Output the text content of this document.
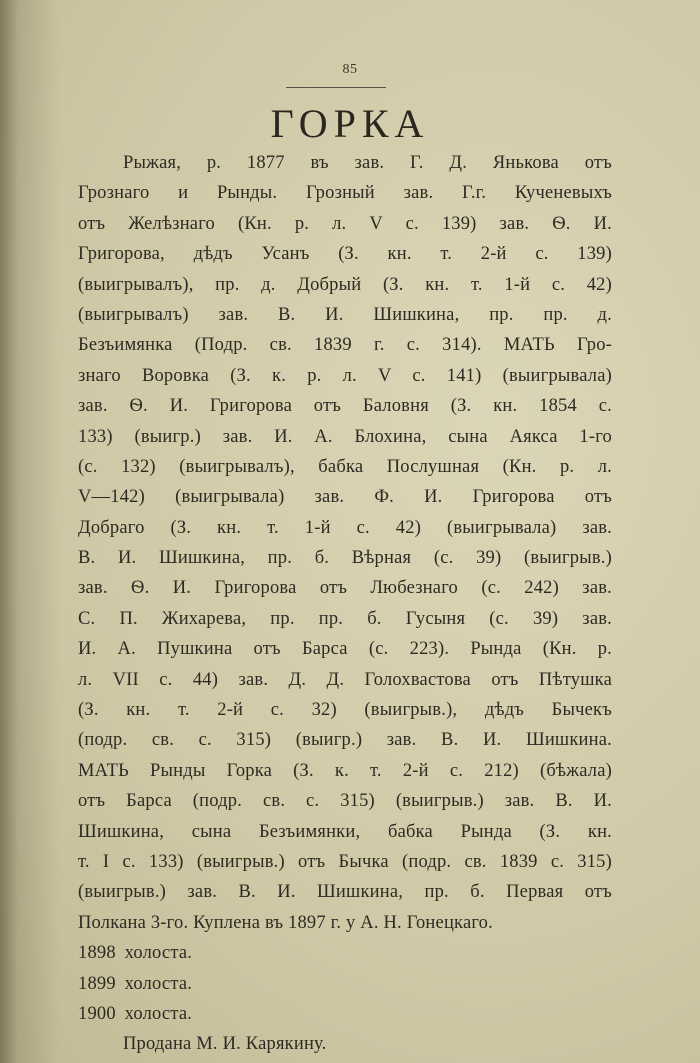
85
ГОРКА
Рыжая, р. 1877 въ зав. Г. Д. Янькова отъ
Грознаго и Рынды. Грозный зав. Г.г. Кученевыхъ
отъ Желѣзнаго (Кн. р. л. V с. 139) зав. Ѳ. И.
Григорова, дѣдъ Усанъ (З. кн. т. 2-й с. 139)
(выигрывалъ), пр. д. Добрый (З. кн. т. 1-й с. 42)
(выигрывалъ) зав. В. И. Шишкина, пр. пр. д.
Безъимянка (Подр. св. 1839 г. с. 314). МАТЬ Гро-
знаго Воровка (З. к. р. л. V с. 141) (выигрывала)
зав. Ѳ. И. Григорова отъ Баловня (З. кн. 1854 с.
133) (выигр.) зав. И. А. Блохина, сына Аякса 1-го
(с. 132) (выигрывалъ), бабка Послушная (Кн. р. л.
V—142) (выигрывала) зав. Ф. И. Григорова отъ
Добраго (З. кн. т. 1-й с. 42) (выигрывала) зав.
В. И. Шишкина, пр. б. Вѣрная (с. 39) (выигрыв.)
зав. Ѳ. И. Григорова отъ Любезнаго (с. 242) зав.
С. П. Жихарева, пр. пр. б. Гусыня (с. 39) зав.
И. А. Пушкина отъ Барса (с. 223). Рында (Кн. р.
л. VII с. 44) зав. Д. Д. Голохвастова отъ Пѣтушка
(З. кн. т. 2-й с. 32) (выигрыв.), дѣдъ Бычекъ
(подр. св. с. 315) (выигр.) зав. В. И. Шишкина.
МАТЬ Рынды Горка (З. к. т. 2-й с. 212) (бѣжала)
отъ Барса (подр. св. с. 315) (выигрыв.) зав. В. И.
Шишкина, сына Безъимянки, бабка Рында (З. кн.
т. I с. 133) (выигрыв.) отъ Бычка (подр. св. 1839 с. 315)
(выигрыв.) зав. В. И. Шишкина, пр. б. Первая отъ
Полкана 3-го. Куплена въ 1897 г. у А. Н. Гонецкаго.
1898 холоста.
1899 холоста.
1900 холоста.
Продана М. И. Карякину.
